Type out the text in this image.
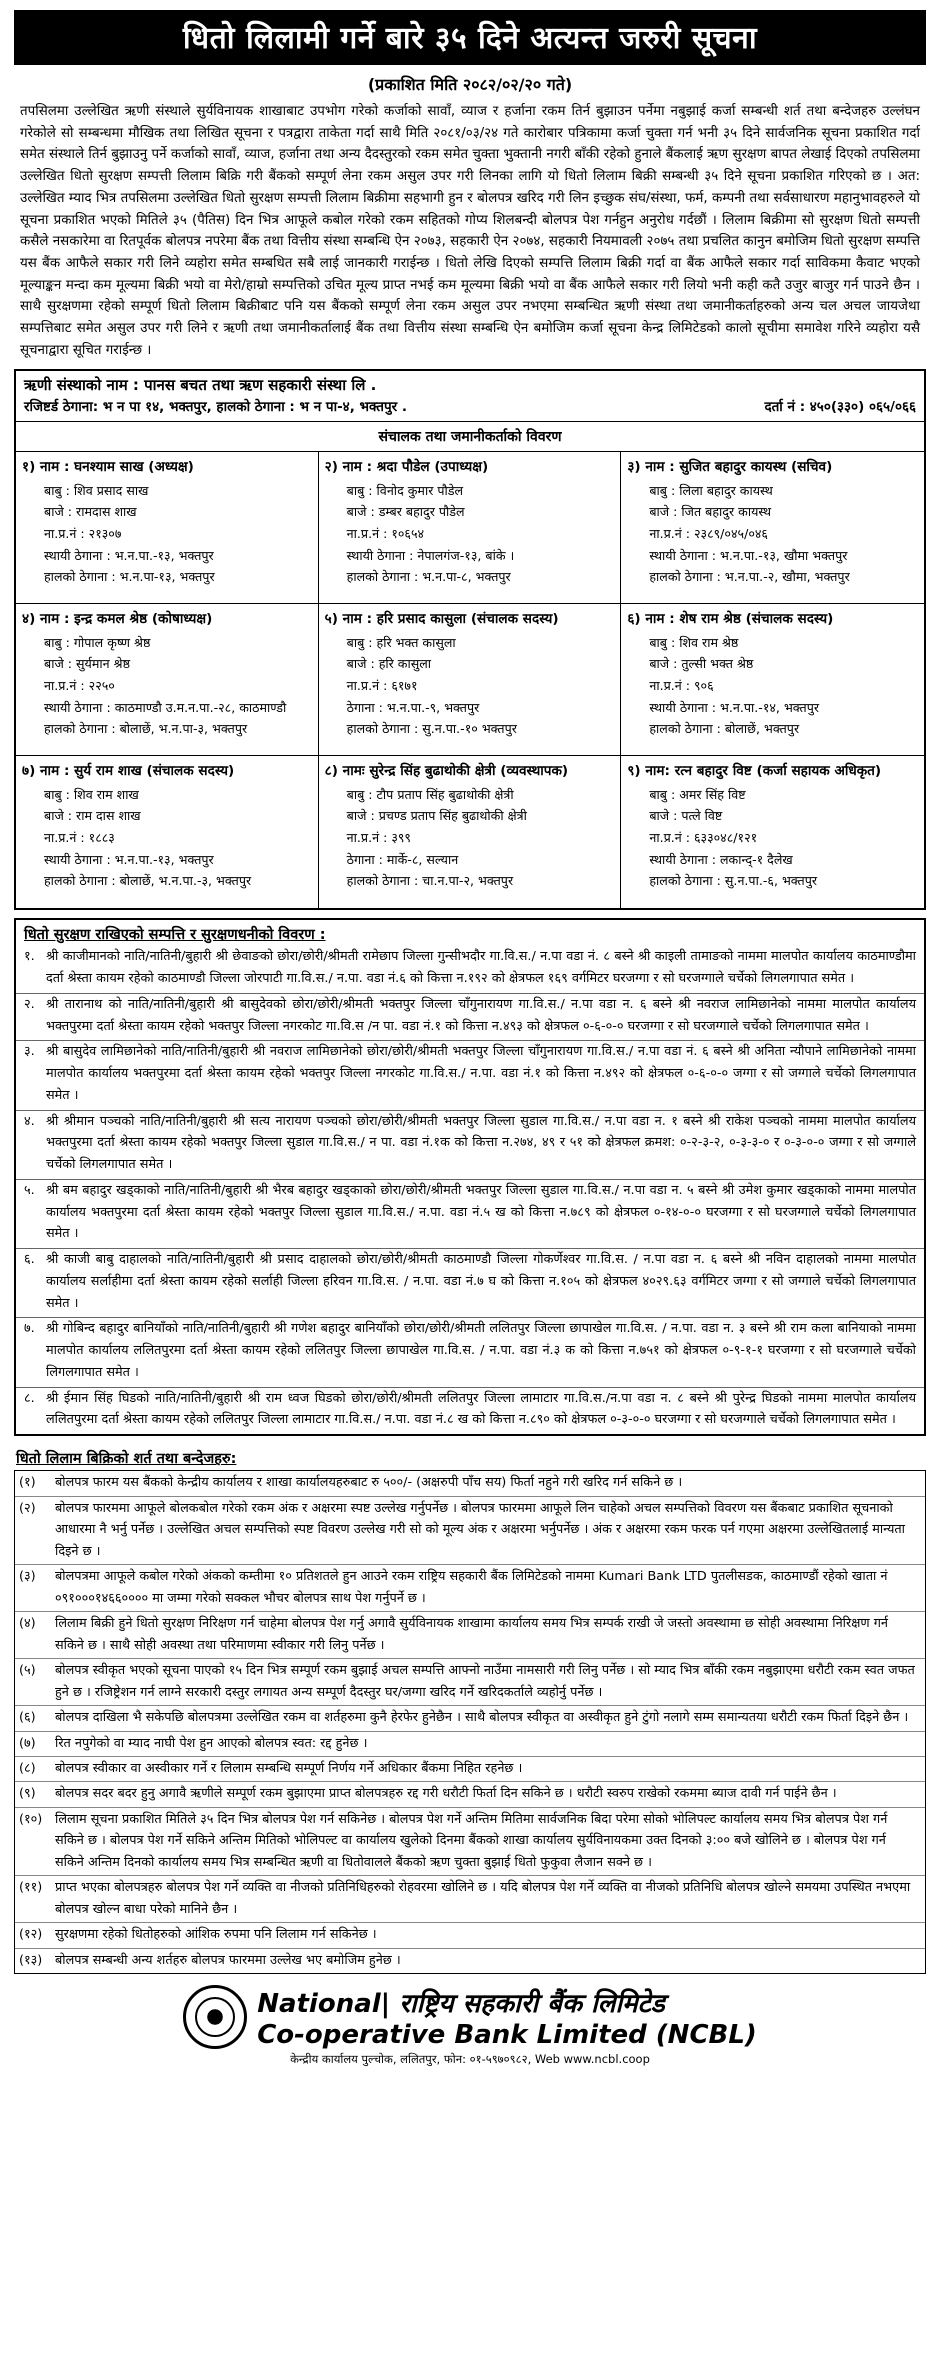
धितो लिलामी गर्ने बारे ३५ दिने अत्यन्त जरुरी सूचना
(प्रकाशित मिति २०८२/०२/२० गते)
तपसिलमा उल्लेखित ऋणी संस्थाले सुर्यविनायक शाखाबाट उपभोग गरेको कर्जाको सावाँ, व्याज र हर्जाना रकम तिर्न बुझाउन पर्नेमा नबुझाई कर्जा सम्बन्धी शर्त तथा बन्देजहरु उल्लंघन गरेकोले सो सम्बन्धमा मौखिक तथा लिखित सूचना र पत्रद्वारा ताकेता गर्दा साथै मिति २०८१/०३/२४ गते कारोबार पत्रिकामा कर्जा चुक्ता गर्न भनी ३५ दिने सार्वजनिक सूचना प्रकाशित गर्दा समेत संस्थाले तिर्न बुझाउनु पर्ने कर्जाको सावाँ, व्याज, हर्जाना तथा अन्य दैदस्तुरको रकम समेत चुक्ता भुक्तानी नगरी बाँकी रहेको हुनाले बैंकलाई ऋण सुरक्षण बापत लेखाई दिएको तपसिलमा उल्लेखित धितो सुरक्षण सम्पत्ती लिलाम बिक्रि गरी बैंकको सम्पूर्ण लेना रकम असुल उपर गरी लिनका लागि यो धितो लिलाम बिक्री सम्बन्धी ३५ दिने सूचना प्रकाशित गरिएको छ । अत: उल्लेखित म्याद भित्र तपसिलमा उल्लेखित धितो सुरक्षण सम्पत्ती लिलाम बिक्रीमा सहभागी हुन र बोलपत्र खरिद गरी लिन इच्छुक संघ/संस्था, फर्म, कम्पनी तथा सर्वसाधारण महानुभावहरुले यो सूचना प्रकाशित भएको मितिले ३५ (पैतिस) दिन भित्र आफूले कबोल गरेको रकम सहितको गोप्य शिलबन्दी बोलपत्र पेश गर्नहुन अनुरोध गर्दछौं । लिलाम बिक्रीमा सो सुरक्षण धितो सम्पत्ती कसैले नसकारेमा वा रितपूर्वक बोलपत्र नपरेमा बैंक तथा वित्तीय संस्था सम्बन्धि ऐन २०७३, सहकारी ऐन २०७४, सहकारी नियमावली २०७५ तथा प्रचलित कानुन बमोजिम धितो सुरक्षण सम्पत्ति यस बैंक आफैले सकार गरी लिने व्यहोरा समेत सम्बधित सबै लाई जानकारी गराईन्छ । धितो लेखि दिएको सम्पत्ति लिलाम बिक्री गर्दा वा बैंक आफैले सकार गर्दा साविकमा कैवाट भएको मूल्याङ्कन मन्दा कम मूल्यमा बिक्री भयो वा मेरो/हाम्रो सम्पत्तिको उचित मूल्य प्राप्त नभई कम मूल्यमा बिक्री भयो वा बैंक आफैले सकार गरी लियो भनी कही कतै उजुर बाजुर गर्न पाउने छैन । साथै सुरक्षणमा रहेको सम्पूर्ण धितो लिलाम बिक्रीबाट पनि यस बैंकको सम्पूर्ण लेना रकम असुल उपर नभएमा सम्बन्धित ऋणी संस्था तथा जमानीकर्ताहरुको अन्य चल अचल जायजेथा सम्पत्तिबाट समेत असुल उपर गरी लिने र ऋणी तथा जमानीकर्तालाई बैंक तथा वित्तीय संस्था सम्बन्धि ऐन बमोजिम कर्जा सूचना केन्द्र लिमिटेडको कालो सूचीमा समावेश गरिने व्यहोरा यसै सूचनाद्वारा सूचित गराईन्छ ।
ऋणी संस्थाको नाम : पानस बचत तथा ऋण सहकारी संस्था लि .
रजिष्टर्ड ठेगाना: भ न पा १४, भक्तपुर, हालको ठेगाना : भ न पा-४, भक्तपुर .	दर्ता नं : ४५०(३३०) ०६५/०६६
संचालक तथा जमानीकर्ताको विवरण
१) नाम : घनश्याम साख (अध्यक्ष)
बाबु : शिव प्रसाद साख
बाजे : रामदास शाख
ना.प्र.नं : २१३०७
स्थायी ठेगाना : भ.न.पा.-१३, भक्तपुर
हालको ठेगाना : भ.न.पा-१३, भक्तपुर
२) नाम : श्रदा पौडेल (उपाध्यक्ष)
बाबु : विनोद कुमार पौडेल
बाजे : डम्बर बहादुर पौडेल
ना.प्र.नं : १०६५४
स्थायी ठेगाना : नेपालगंज-१३, बांके ।
हालको ठेगाना : भ.न.पा-८, भक्तपुर
३) नाम : सुजित बहादुर कायस्थ (सचिव)
बाबु : लिला बहादुर कायस्थ
बाजे : जित बहादुर कायस्थ
ना.प्र.नं : २३८९/०४५/०४६
स्थायी ठेगाना : भ.न.पा.-१३, खौमा भक्तपुर
हालको ठेगाना : भ.न.पा.-२, खौमा, भक्तपुर
४) नाम : इन्द्र कमल श्रेष्ठ (कोषाध्यक्ष)
बाबु : गोपाल कृष्ण श्रेष्ठ
बाजे : सुर्यमान श्रेष्ठ
ना.प्र.नं : २२५०
स्थायी ठेगाना : काठमाण्डौ उ.म.न.पा.-२८, काठमाण्डौ
हालको ठेगाना : बोलाछें, भ.न.पा-३, भक्तपुर
५) नाम : हरि प्रसाद कासुला (संचालक सदस्य)
बाबु : हरि भक्त कासुला
बाजे : हरि कासुला
ना.प्र.नं : ६१७१
ठेगाना : भ.न.पा.-९, भक्तपुर
हालको ठेगाना : सु.न.पा.-१० भक्तपुर
६) नाम : शेष राम श्रेष्ठ (संचालक सदस्य)
बाबु : शिव राम श्रेष्ठ
बाजे : तुल्सी भक्त श्रेष्ठ
ना.प्र.नं : ९०६
स्थायी ठेगाना : भ.न.पा.-१४, भक्तपुर
हालको ठेगाना : बोलाछें, भक्तपुर
७) नाम : सुर्य राम शाख (संचालक सदस्य)
बाबु : शिव राम शाख
बाजे : राम दास शाख
ना.प्र.नं : १८८३
स्थायी ठेगाना : भ.न.पा.-१३, भक्तपुर
हालको ठेगाना : बोलाछें, भ.न.पा.-३, भक्तपुर
८) नामः सुरेन्द्र सिंह बुढाथोकी क्षेत्री (व्यवस्थापक)
बाबु : टौप प्रताप सिंह बुढाथोकी क्षेत्री
बाजे : प्रचण्ड प्रताप सिंह बुढाथोकी क्षेत्री
ना.प्र.नं : ३९९
ठेगाना : मार्के-८, सल्यान
हालको ठेगाना : चा.न.पा-२, भक्तपुर
९) नाम: रत्न बहादुर विष्ट (कर्जा सहायक अधिकृत)
बाबु : अमर सिंह विष्ट
बाजे : पत्ले विष्ट
ना.प्र.नं : ६३३०४८/१२१
स्थायी ठेगाना : लकान्द्-१ दैलेख
हालको ठेगाना : सु.न.पा.-६, भक्तपुर
धितो सुरक्षण राखिएको सम्पत्ति र सुरक्षणधनीको विवरण :
१. श्री काजीमानको नाति/नातिनी/बुहारी श्री छेवाङको छोरा/छोरी/श्रीमती रामेछाप जिल्ला गुन्सीभदौर गा.वि.स./ न.पा वडा नं. ८ बस्ने श्री काइली तामाङको नाममा मालपोत कार्यालय काठमाण्डौमा दर्ता श्रेस्ता कायम रहेको काठमाण्डौ जिल्ला जोरपाटी गा.वि.स./ न.पा. वडा नं.६ को कित्ता न.१९२ को क्षेत्रफल १६९ वर्गमिटर घरजग्गा र सो घरजग्गाले चर्चेको लिगलगापात समेत ।
२. श्री तारानाथ को नाति/नातिनी/बुहारी श्री बासुदेवको छोरा/छोरी/श्रीमती भक्तपुर जिल्ला चाँगुनारायण गा.वि.स./ न.पा वडा न. ६ बस्ने श्री नवराज लामिछानेको नाममा मालपोत कार्यालय भक्तपुरमा दर्ता श्रेस्ता कायम रहेको भक्तपुर जिल्ला नगरकोट गा.वि.स /न पा. वडा नं.१ को कित्ता न.४९३ को क्षेत्रफल ०-६-०-० घरजग्गा र सो घरजग्गाले चर्चेको लिगलगापात समेत ।
३. श्री बासुदेव लामिछानेको नाति/नातिनी/बुहारी श्री नवराज लामिछानेको छोरा/छोरी/श्रीमती भक्तपुर जिल्ला चाँगुनारायण गा.वि.स./ न.पा वडा नं. ६ बस्ने श्री अनिता न्यौपाने लामिछानेको नाममा मालपोत कार्यालय भक्तपुरमा दर्ता श्रेस्ता कायम रहेको भक्तपुर जिल्ला नगरकोट गा.वि.स./ न.पा. वडा नं.१ को कित्ता न.४९२ को क्षेत्रफल ०-६-०-० जग्गा र सो जग्गाले चर्चेको लिगलगापात समेत ।
४. श्री श्रीमान पञ्चको नाति/नातिनी/बुहारी श्री सत्य नारायण पञ्चको छोरा/छोरी/श्रीमती भक्तपुर जिल्ला सुडाल गा.वि.स./ न.पा वडा न. १ बस्ने श्री राकेश पञ्चको नाममा मालपोत कार्यालय भक्तपुरमा दर्ता श्रेस्ता कायम रहेको भक्तपुर जिल्ला सुडाल गा.वि.स./ न पा. वडा नं.१क को कित्ता न.२७४, ४९ र ५१ को क्षेत्रफल क्रमश: ०-२-३-२, ०-३-३-० र ०-३-०-० जग्गा र सो जग्गाले चर्चेको लिगलगापात समेत ।
५. श्री बम बहादुर खड्काको नाति/नातिनी/बुहारी श्री भैरब बहादुर खड्काको छोरा/छोरी/श्रीमती भक्तपुर जिल्ला सुडाल गा.वि.स./ न.पा वडा न. ५ बस्ने श्री उमेश कुमार खड्काको नाममा मालपोत कार्यालय भक्तपुरमा दर्ता श्रेस्ता कायम रहेको भक्तपुर जिल्ला सुडाल गा.वि.स./ न.पा. वडा नं.५ ख को कित्ता न.७८९ को क्षेत्रफल ०-१४-०-० घरजग्गा र सो घरजग्गाले चर्चेको लिगलगापात समेत ।
६. श्री काजी बाबु दाहालको नाति/नातिनी/बुहारी श्री प्रसाद दाहालको छोरा/छोरी/श्रीमती काठमाण्डौ जिल्ला गोकर्णेश्वर गा.वि.स. / न.पा वडा न. ६ बस्ने श्री नविन दाहालको नाममा मालपोत कार्यालय सर्लाहीमा दर्ता श्रेस्ता कायम रहेको सर्लाही जिल्ला हरिवन गा.वि.स. / न.पा. वडा नं.७ घ को कित्ता न.१०५ को क्षेत्रफल ४०२९.६३ वर्गमिटर जग्गा र सो जग्गाले चर्चेको लिगलगापात समेत ।
७. श्री गोबिन्द बहादुर बानियाँको नाति/नातिनी/बुहारी श्री गणेश बहादुर बानियाँको छोरा/छोरी/श्रीमती ललितपुर जिल्ला छापाखेल गा.वि.स. / न.पा. वडा न. ३ बस्ने श्री राम कला बानियाको नाममा मालपोत कार्यालय ललितपुरमा दर्ता श्रेस्ता कायम रहेको ललितपुर जिल्ला छापाखेल गा.वि.स. / न.पा. वडा नं.३ क को कित्ता न.७५१ को क्षेत्रफल ०-९-१-१ घरजग्गा र सो घरजग्गाले चर्चेको लिगलगापात समेत ।
८. श्री ईमान सिंह घिडको नाति/नातिनी/बुहारी श्री राम ध्वज घिडको छोरा/छोरी/श्रीमती ललितपुर जिल्ला लामाटार गा.वि.स./न.पा वडा न. ८ बस्ने श्री पुरेन्द्र घिडको नाममा मालपोत कार्यालय ललितपुरमा दर्ता श्रेस्ता कायम रहेको ललितपुर जिल्ला लामाटार गा.वि.स./ न.पा. वडा नं.८ ख को कित्ता न.८९० को क्षेत्रफल ०-३-०-० घरजग्गा र सो घरजग्गाले चर्चेको लिगलगापात समेत ।
धितो लिलाम बिक्रिको शर्त तथा बन्देजहरु:
(१)	बोलपत्र फारम यस बैंकको केन्द्रीय कार्यालय र शाखा कार्यालयहरुबाट रु ५००/- (अक्षरुपी पाँच सय) फिर्ता नहुने गरी खरिद गर्न सकिने छ ।
(२)	बोलपत्र फारममा आफूले बोलकबोल गरेको रकम अंक र अक्षरमा स्पष्ट उल्लेख गर्नुपर्नेछ । बोलपत्र फारममा आफूले लिन चाहेको अचल सम्पत्तिको विवरण यस बैंकबाट प्रकाशित सूचनाको आधारमा नै भर्नु पर्नेछ । उल्लेखित अचल सम्पत्तिको स्पष्ट विवरण उल्लेख गरी सो को मूल्य अंक र अक्षरमा भर्नुपर्नेछ । अंक र अक्षरमा रकम फरक पर्न गएमा अक्षरमा उल्लेखितलाई मान्यता दिइने छ ।
(३)	बोलपत्रमा आफूले कबोल गरेको अंकको कम्तीमा १० प्रतिशतले हुन आउने रकम राष्ट्रिय सहकारी बैंक लिमिटेडको नाममा Kumari Bank LTD पुतलीसडक, काठमाण्डौं रहेको खाता नं ०९१०००१४६६०००० मा जम्मा गरेको सक्कल भौचर बोलपत्र साथ पेश गर्नुपर्ने छ ।
(४)	लिलाम बिक्री हुने धितो सुरक्षण निरिक्षण गर्न चाहेमा बोलपत्र पेश गर्नु अगावै सुर्यविनायक शाखामा कार्यालय समय भित्र सम्पर्क राखी जे जस्तो अवस्थामा छ सोही अवस्थामा निरिक्षण गर्न सकिने छ । साथै सोही अवस्था तथा परिमाणमा स्वीकार गरी लिनु पर्नेछ ।
(५)	बोलपत्र स्वीकृत भएको सूचना पाएको १५ दिन भित्र सम्पूर्ण रकम बुझाई अचल सम्पत्ति आफ्नो नाउँमा नामसारी गरी लिनु पर्नेछ । सो म्याद भित्र बाँकी रकम नबुझाएमा धरौटी रकम स्वत जफत हुने छ । रजिष्ट्रेशन गर्न लाग्ने सरकारी दस्तुर लगायत अन्य सम्पूर्ण दैदस्तुर घर/जग्गा खरिद गर्ने खरिदकर्ताले व्यहोर्नु पर्नेछ ।
(६)	बोलपत्र दाखिला भै सकेपछि बोलपत्रमा उल्लेखित रकम वा शर्तहरुमा कुनै हेरफेर हुनेछैन । साथै बोलपत्र स्वीकृत वा अस्वीकृत हुने टुंगो नलागे सम्म समान्यतया धरौटी रकम फिर्ता दिइने छैन ।
(७)	रित नपुगेको वा म्याद नाघी पेश हुन आएको बोलपत्र स्वत: रद्द हुनेछ ।
(८)	बोलपत्र स्वीकार वा अस्वीकार गर्ने र लिलाम सम्बन्धि सम्पूर्ण निर्णय गर्ने अधिकार बैंकमा निहित रहनेछ ।
(९)	बोलपत्र सदर बदर हुनु अगावै ऋणीले सम्पूर्ण रकम बुझाएमा प्राप्त बोलपत्रहरु रद्द गरी धरौटी फिर्ता दिन सकिने छ । धरौटी स्वरुप राखेको रकममा ब्याज दावी गर्न पाईने छैन ।
(१०) लिलाम सूचना प्रकाशित मितिले ३५ दिन भित्र बोलपत्र पेश गर्न सकिनेछ । बोलपत्र पेश गर्ने अन्तिम मितिमा सार्वजनिक बिदा परेमा सोको भोलिपल्ट कार्यालय समय भित्र बोलपत्र पेश गर्न सकिने छ । बोलपत्र पेश गर्ने सकिने अन्तिम मितिको भोलिपल्ट वा कार्यालय खुलेको दिनमा बैंकको शाखा कार्यालय सुर्यविनायकमा उक्त दिनको ३:०० बजे खोलिने छ । बोलपत्र पेश गर्न सकिने अन्तिम दिनको कार्यालय समय भित्र सम्बन्धित ऋणी वा धितोवालले बैंकको ऋण चुक्ता बुझाई धितो फुकुवा लैजान सक्ने छ ।
(११) प्राप्त भएका बोलपत्रहरु बोलपत्र पेश गर्ने व्यक्ति वा नीजको प्रतिनिधिहरुको रोहवरमा खोलिने छ । यदि बोलपत्र पेश गर्ने व्यक्ति वा नीजको प्रतिनिधि बोलपत्र खोल्ने समयमा उपस्थित नभएमा बोलपत्र खोल्न बाधा परेको मानिने छैन ।
(१२) सुरक्षणमा रहेको धितोहरुको आंशिक रुपमा पनि लिलाम गर्न सकिनेछ ।
(१३) बोलपत्र सम्बन्धी अन्य शर्तहरु बोलपत्र फारममा उल्लेख भए बमोजिम हुनेछ ।
National| राष्ट्रिय सहकारी बैंक लिमिटेड
Co-operative Bank Limited (NCBL)
केन्द्रीय कार्यालय पुल्चोक, ललितपुर, फोन: ०१-५९७०९८२, Web www.ncbl.coop
